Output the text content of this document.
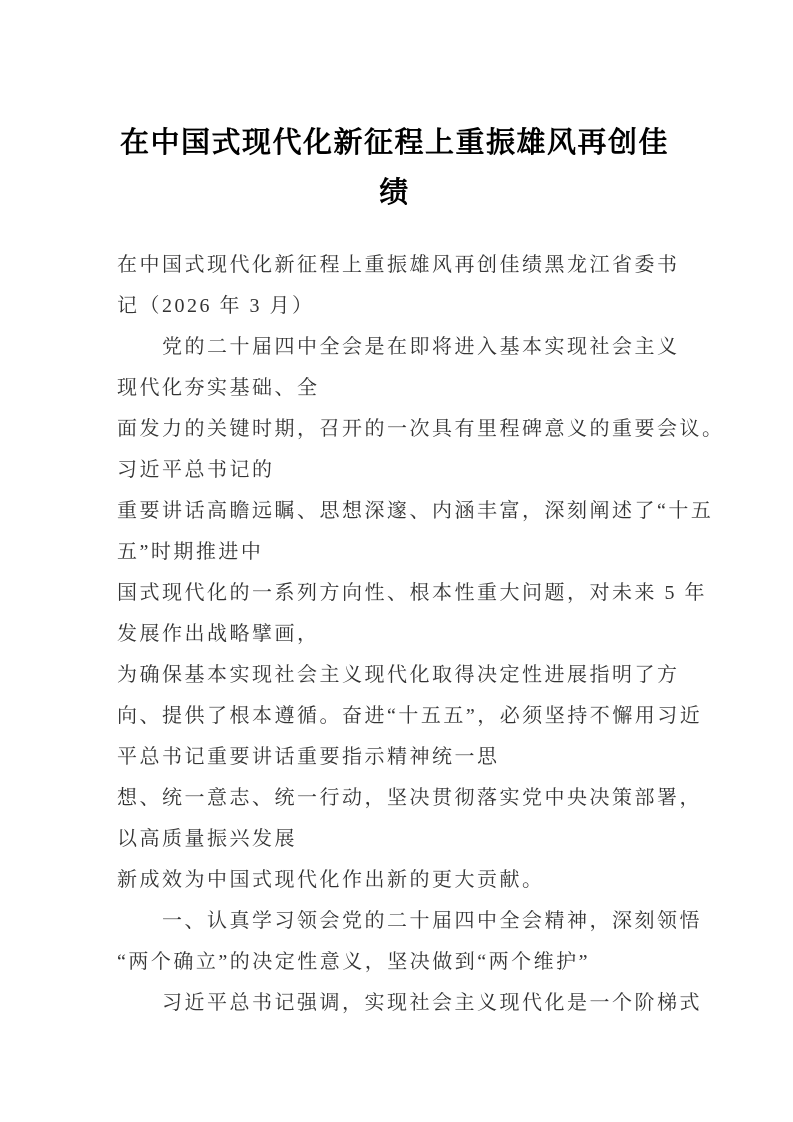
在中国式现代化新征程上重振雄风再创佳
绩

在中国式现代化新征程上重振雄风再创佳绩黑龙江省委书

记（2026 年 3 月）

党的二十届四中全会是在即将进入基本实现社会主义

现代化夯实基础、全

面发力的关键时期，召开的一次具有里程碑意义的重要会议。

习近平总书记的

重要讲话高瞻远瞩、思想深邃、内涵丰富，深刻阐述了“十五

五”时期推进中

国式现代化的一系列方向性、根本性重大问题，对未来 5 年

发展作出战略擘画，

为确保基本实现社会主义现代化取得决定性进展指明了方

向、提供了根本遵循。奋进“十五五”，必须坚持不懈用习近

平总书记重要讲话重要指示精神统一思

想、统一意志、统一行动，坚决贯彻落实党中央决策部署，

以高质量振兴发展

新成效为中国式现代化作出新的更大贡献。

一、认真学习领会党的二十届四中全会精神，深刻领悟

“两个确立”的决定性意义，坚决做到“两个维护”

习近平总书记强调，实现社会主义现代化是一个阶梯式
